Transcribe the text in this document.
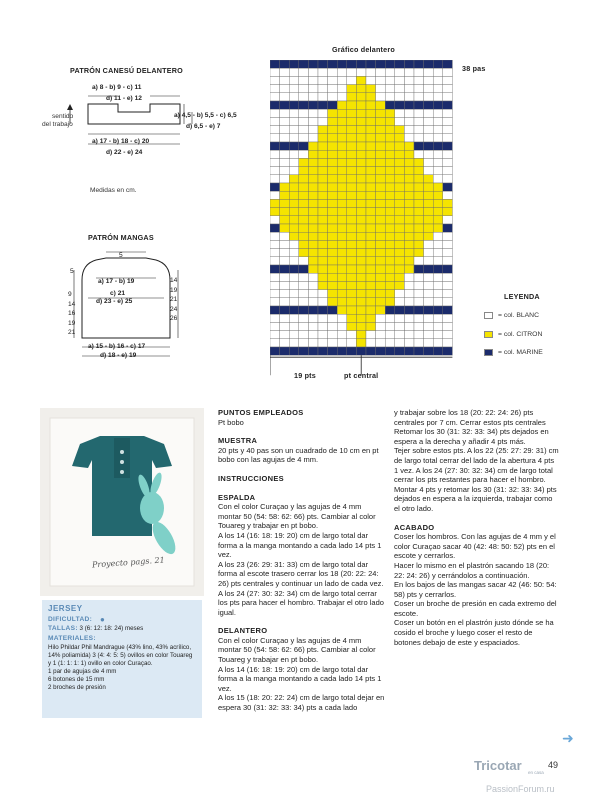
PATRÓN CANESÚ DELANTERO
a) 8 - b) 9 - c) 11
d) 11 - e) 12
a) 4,5 - b) 5,5 - c) 6,5
d) 6,5 - e) 7
a) 17 - b) 18 - c) 20
d) 22 - e) 24
sentido
del trabajo
Medidas en cm.
PATRÓN MANGAS
5
5
9
14
16
19
21
14
19
21
24
26
a) 17 - b) 19
c) 21
d) 23 - e) 25
a) 15 - b) 16 - c) 17
d) 18 - e) 19
Gráfico delantero
38 pas
19 pts	pt central
LEYENDA
= col. BLANC
= col. CITRON
= col. MARINE
Proyecto pags. 21
JERSEY
DIFICULTAD: ●
TALLAS: 3 (6: 12: 18: 24) meses
MATERIALES:
Hilo Phildar Phil Mandrague (43% lino, 43% acrílico,
14% poliamida) 3 (4: 4: 5: 5) ovillos en color Touareg
y 1 (1: 1: 1: 1) ovillo en color Curaçao.
1 par de agujas de 4 mm
6 botones de 15 mm
2 broches de presión

PUNTOS EMPLEADOS

Pt bobo

MUESTRA

20 pts y 40 pas son un cuadrado de 10 cm en pt bobo con las agujas de 4 mm.

INSTRUCCIONES

ESPALDA

Con el color Curaçao y las agujas de 4 mm montar 50 (54: 58: 62: 66) pts. Cambiar al color Touareg y trabajar en pt bobo.

A los 14 (16: 18: 19: 20) cm de largo total dar forma a la manga montando a cada lado 14 pts 1 vez.

A los 23 (26: 29: 31: 33) cm de largo total dar forma al escote trasero cerrar los 18 (20: 22: 24: 26) pts centrales y continuar un lado de cada vez.

A los 24 (27: 30: 32: 34) cm de largo total cerrar los pts para hacer el hombro. Trabajar el otro lado igual.

DELANTERO

Con el color Curaçao y las agujas de 4 mm montar 50 (54: 58: 62: 66) pts. Cambiar al color Touareg y trabajar en pt bobo.

A los 14 (16: 18: 19: 20) cm de largo total dar forma a la manga montando a cada lado 14 pts 1 vez.

A los 15 (18: 20: 22: 24) cm de largo total dejar en espera 30 (31: 32: 33: 34) pts a cada lado

y trabajar sobre los 18 (20: 22: 24: 26) pts centrales por 7 cm. Cerrar estos pts centrales

Retomar los 30 (31: 32: 33: 34) pts dejados en espera a la derecha y añadir 4 pts más.

Tejer sobre estos pts. A los 22 (25: 27: 29: 31) cm de largo total cerrar del lado de la abertura 4 pts 1 vez. A los 24 (27: 30: 32: 34) cm de largo total cerrar los pts restantes para hacer el hombro.

Montar 4 pts y retomar los 30 (31: 32: 33: 34) pts dejados en espera a la izquierda, trabajar como el otro lado.

ACABADO

Coser los hombros. Con las agujas de 4 mm y el color Curaçao sacar 40 (42: 48: 50: 52) pts en el escote y cerrarlos.

Hacer lo mismo en el plastrón sacando 18 (20: 22: 24: 26) y cerrándolos a continuación.

En los bajos de las mangas sacar 42 (46: 50: 54: 58) pts y cerrarlos.

Coser un broche de presión en cada extremo del escote.

Coser un botón en el plastrón justo dónde se ha cosido el broche y luego coser el resto de botones debajo de este y espaciados.

➜
Tricotar en casa
49
PassionForum.ru
